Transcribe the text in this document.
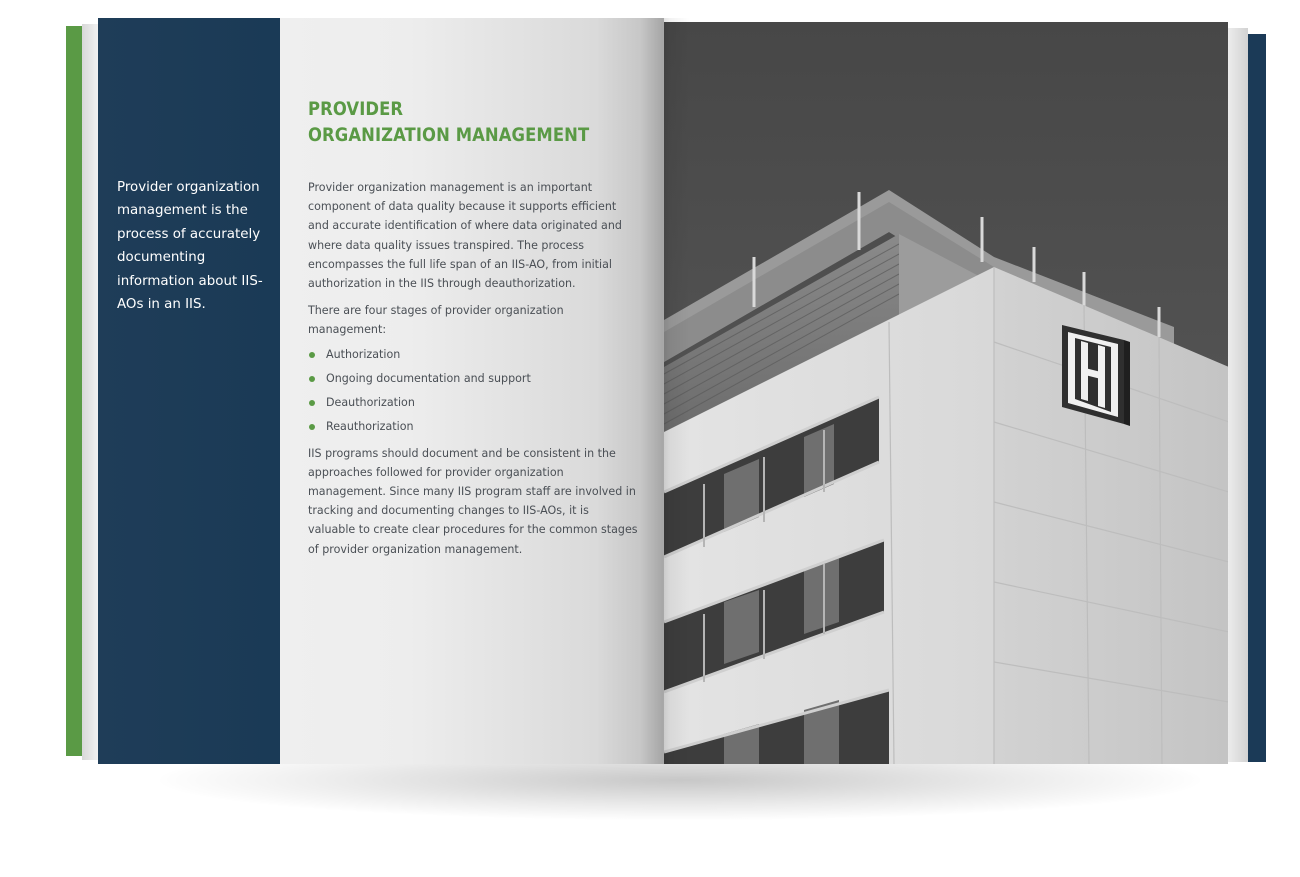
Provider organization management is the process of accurately documenting information about IIS-AOs in an IIS.
PROVIDER
ORGANIZATION MANAGEMENT

Provider organization management is an important component of data quality because it supports efficient and accurate identification of where data originated and where data quality issues transpired. The process encompasses the full life span of an IIS-AO, from initial authorization in the IIS through deauthorization.

There are four stages of provider organization management:

Authorization
Ongoing documentation and support
Deauthorization
Reauthorization

IIS programs should document and be consistent in the approaches followed for provider organization management. Since many IIS program staff are involved in tracking and documenting changes to IIS-AOs, it is valuable to create clear procedures for the common stages of provider organization management.
